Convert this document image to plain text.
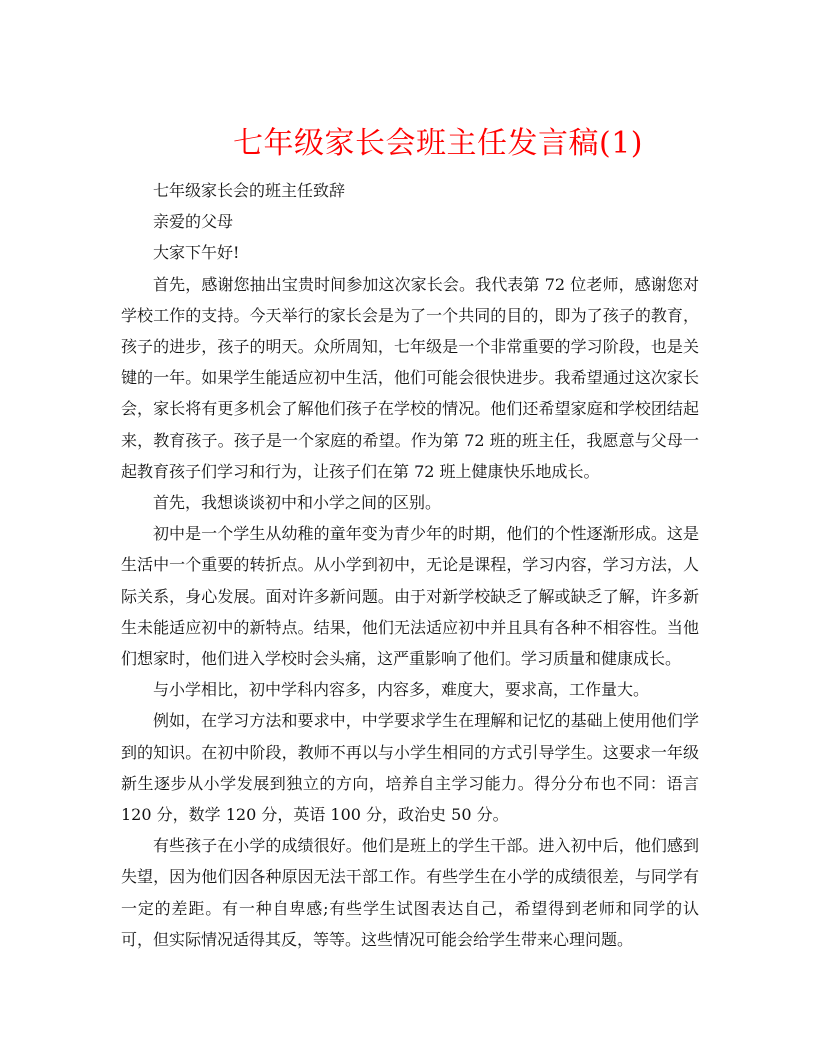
七年级家长会班主任发言稿(1)

七年级家长会的班主任致辞

亲爱的父母

大家下午好!

首先，感谢您抽出宝贵时间参加这次家长会。我代表第 72 位老师，感谢您对学校工作的支持。今天举行的家长会是为了一个共同的目的，即为了孩子的教育，孩子的进步，孩子的明天。众所周知，七年级是一个非常重要的学习阶段，也是关键的一年。如果学生能适应初中生活，他们可能会很快进步。我希望通过这次家长会，家长将有更多机会了解他们孩子在学校的情况。他们还希望家庭和学校团结起来，教育孩子。孩子是一个家庭的希望。作为第 72 班的班主任，我愿意与父母一起教育孩子们学习和行为，让孩子们在第 72 班上健康快乐地成长。

首先，我想谈谈初中和小学之间的区别。

初中是一个学生从幼稚的童年变为青少年的时期，他们的个性逐渐形成。这是生活中一个重要的转折点。从小学到初中，无论是课程，学习内容，学习方法，人际关系，身心发展。面对许多新问题。由于对新学校缺乏了解或缺乏了解，许多新生未能适应初中的新特点。结果，他们无法适应初中并且具有各种不相容性。当他们想家时，他们进入学校时会头痛，这严重影响了他们。学习质量和健康成长。

与小学相比，初中学科内容多，内容多，难度大，要求高，工作量大。

例如，在学习方法和要求中，中学要求学生在理解和记忆的基础上使用他们学到的知识。在初中阶段，教师不再以与小学生相同的方式引导学生。这要求一年级新生逐步从小学发展到独立的方向，培养自主学习能力。得分分布也不同：语言 120 分，数学 120 分，英语 100 分，政治史 50 分。

有些孩子在小学的成绩很好。他们是班上的学生干部。进入初中后，他们感到失望，因为他们因各种原因无法干部工作。有些学生在小学的成绩很差，与同学有一定的差距。有一种自卑感;有些学生试图表达自己，希望得到老师和同学的认可，但实际情况适得其反，等等。这些情况可能会给学生带来心理问题。
